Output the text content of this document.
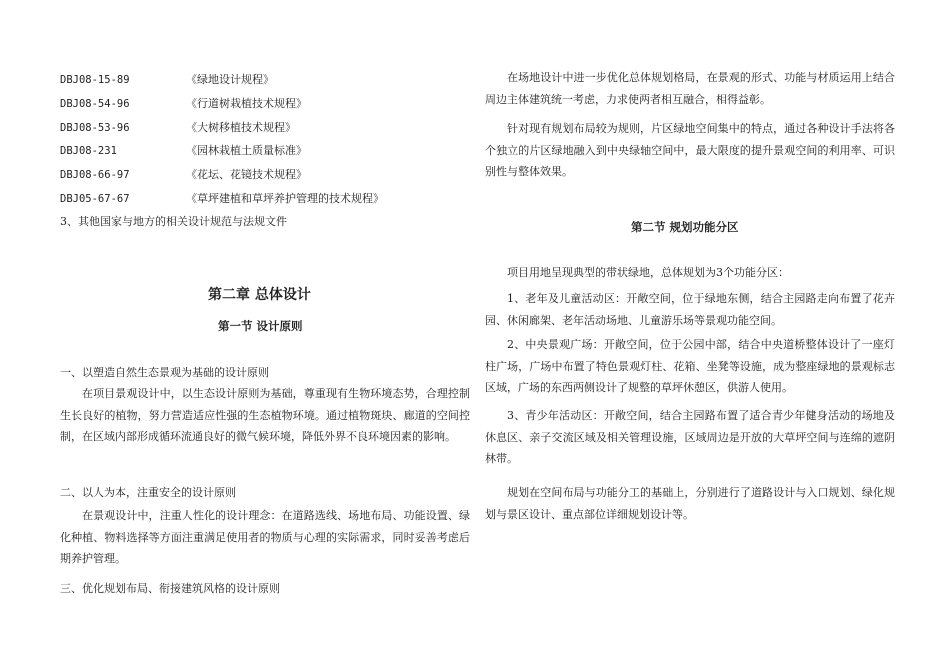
DBJ08-15-89	《绿地设计规程》
DBJ08-54-96	《行道树栽植技术规程》
DBJ08-53-96	《大树移植技术规程》
DBJ08-231	《园林栽植土质量标准》
DBJ08-66-97	《花坛、花镜技术规程》
DBJ05-67-67	《草坪建植和草坪养护管理的技术规程》
3、其他国家与地方的相关设计规范与法规文件
第二章 总体设计
第一节 设计原则
一、以塑造自然生态景观为基础的设计原则
在项目景观设计中，以生态设计原则为基础，尊重现有生物环境态势，合理控制生长良好的植物，努力营造适应性强的生态植物环境。通过植物斑块、廊道的空间控制，在区域内部形成循环流通良好的微气候环境，降低外界不良环境因素的影响。
二、以人为本，注重安全的设计原则
在景观设计中，注重人性化的设计理念：在道路选线、场地布局、功能设置、绿化种植、物料选择等方面注重满足使用者的物质与心理的实际需求，同时妥善考虑后期养护管理。
三、优化规划布局、衔接建筑风格的设计原则
在场地设计中进一步优化总体规划格局，在景观的形式、功能与材质运用上结合周边主体建筑统一考虑，力求使两者相互融合，相得益彰。
针对现有规划布局较为规则，片区绿地空间集中的特点，通过各种设计手法将各个独立的片区绿地融入到中央绿轴空间中，最大限度的提升景观空间的利用率、可识别性与整体效果。
第二节 规划功能分区
项目用地呈现典型的带状绿地，总体规划为3个功能分区：
1、老年及儿童活动区：开敞空间，位于绿地东侧，结合主园路走向布置了花卉园、休闲廊架、老年活动场地、儿童游乐场等景观功能空间。
2、中央景观广场：开敞空间，位于公园中部，结合中央道桥整体设计了一座灯柱广场，广场中布置了特色景观灯柱、花箱、坐凳等设施，成为整座绿地的景观标志区域，广场的东西两侧设计了规整的草坪休憩区，供游人使用。
3、青少年活动区：开敞空间，结合主园路布置了适合青少年健身活动的场地及休息区、亲子交流区域及相关管理设施，区域周边是开放的大草坪空间与连绵的遮阴林带。
规划在空间布局与功能分工的基础上，分别进行了道路设计与入口规划、绿化规划与景区设计、重点部位详细规划设计等。
